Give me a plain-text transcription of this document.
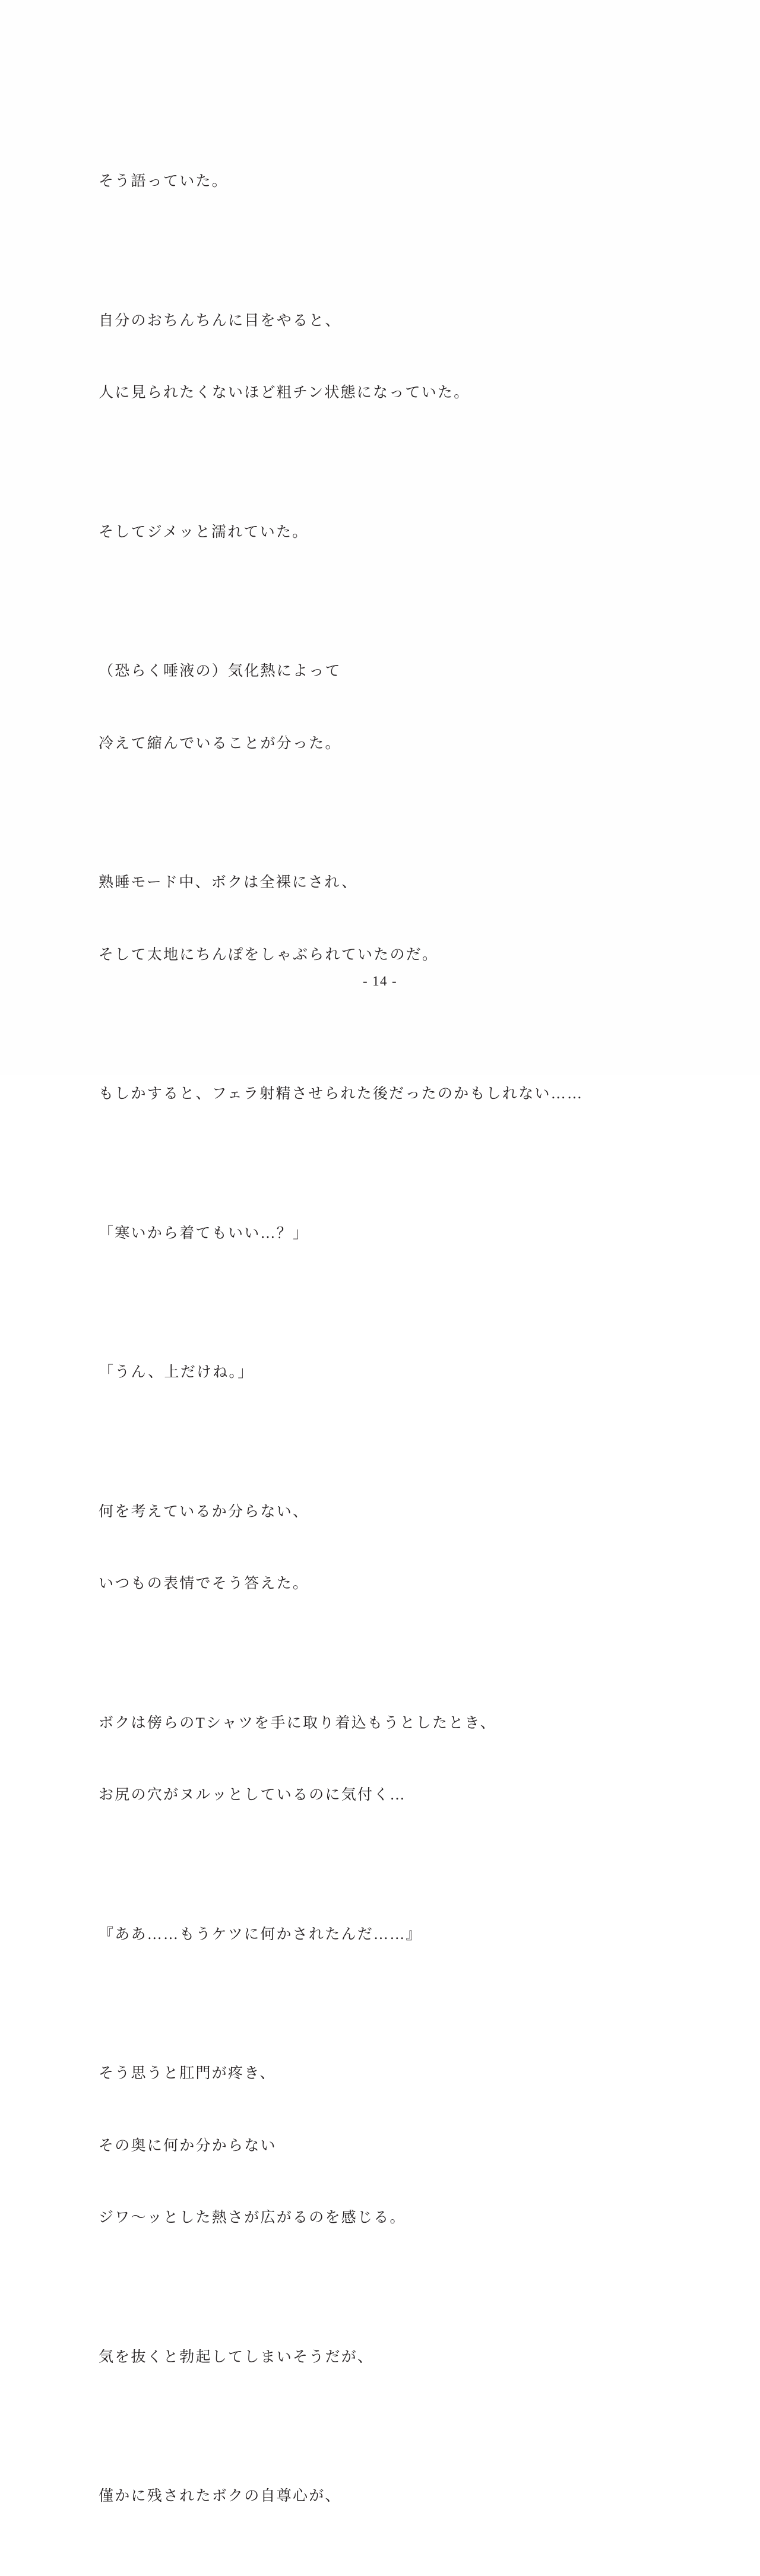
そう語っていた。

自分のおちんちんに目をやると、

人に見られたくないほど粗チン状態になっていた。

そしてジメッと濡れていた。

（恐らく唾液の）気化熱によって

冷えて縮んでいることが分った。

熟睡モード中、ボクは全裸にされ、

そして太地にちんぽをしゃぶられていたのだ。

もしかすると、フェラ射精させられた後だったのかもしれない……

「寒いから着てもいい…？」

「うん、上だけね。」

何を考えているか分らない、

いつもの表情でそう答えた。

ボクは傍らのTシャツを手に取り着込もうとしたとき、

お尻の穴がヌルッとしているのに気付く…

『ああ……もうケツに何かされたんだ……』

そう思うと肛門が疼き、

その奥に何か分からない

ジワ〜ッとした熱さが広がるのを感じる。

気を抜くと勃起してしまいそうだが、

僅かに残されたボクの自尊心が、

- 14 -
